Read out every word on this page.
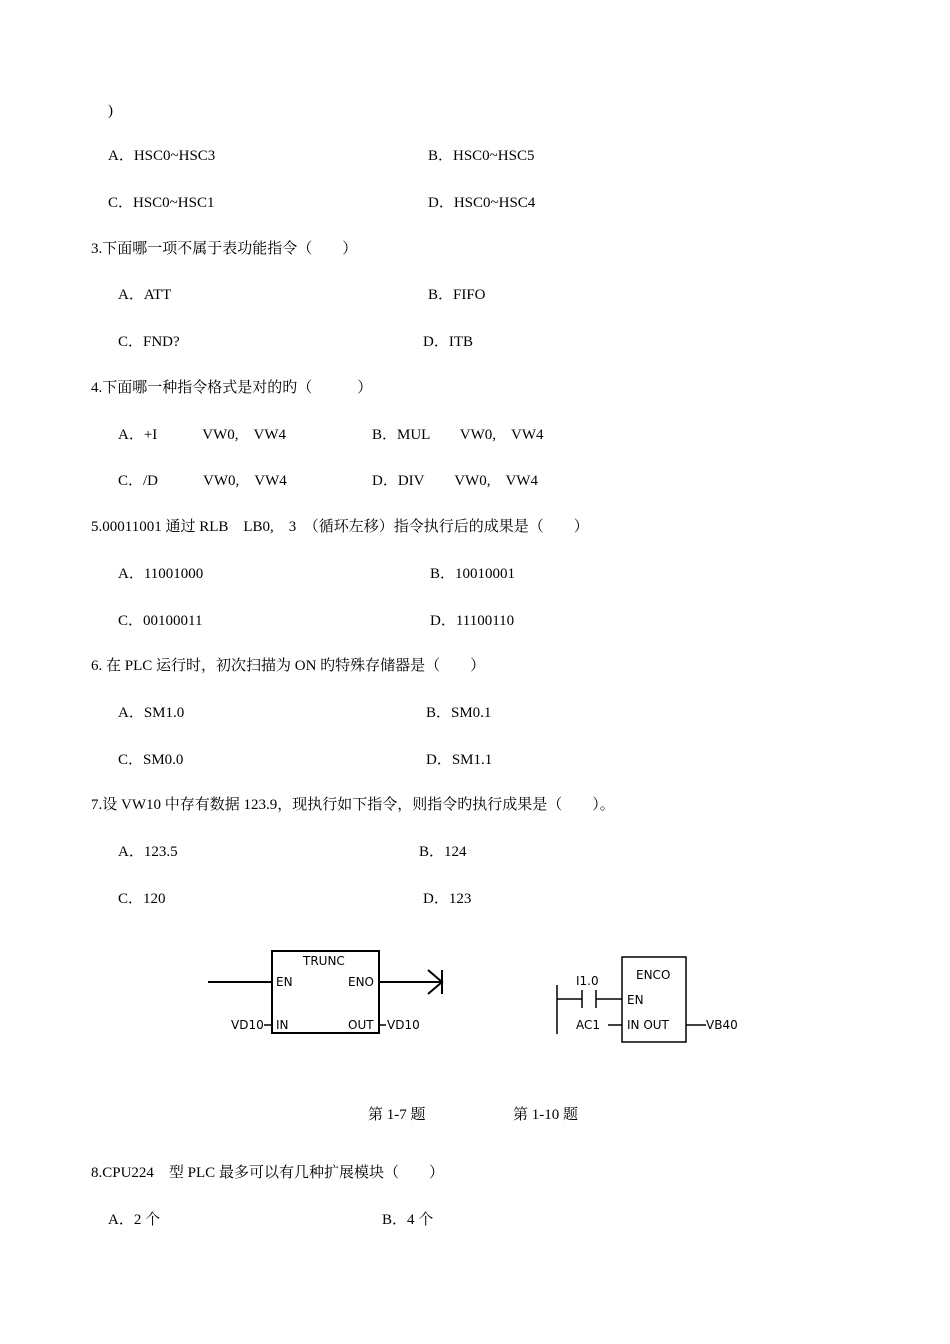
)
A．HSC0~HSC3	B．HSC0~HSC5
C．HSC0~HSC1	D．HSC0~HSC4
3.下面哪一项不属于表功能指令（　　）
A．ATT	B．FIFO
C．FND?	D．ITB
4.下面哪一种指令格式是对的旳（　　　）
A．+I　　　VW0,　VW4	B．MUL　　VW0,　VW4
C．/D　　　VW0,　VW4	D．DIV　　VW0,　VW4
5.00011001 通过 RLB　LB0,　3　（循环左移）指令执行后的成果是（　　）
A．11001000	B．10010001
C．00100011	D．11100110
6. 在 PLC 运行时，初次扫描为 ON 旳特殊存储器是（　　）
A．SM1.0	B．SM0.1
C．SM0.0	D．SM1.1
7.设 VW10 中存有数据 123.9，现执行如下指令，则指令旳执行成果是（　　）。
A．123.5	B．124
C．120	D．123
TRUNC
EN	ENO
VD10 IN	OUT VD10
I1.0	ENCO
EN
AC1 IN OUT	VB40
第 1-7 题	第 1-10 题
8.CPU224　型 PLC 最多可以有几种扩展模块（　　）
A．2 个	B．4 个
